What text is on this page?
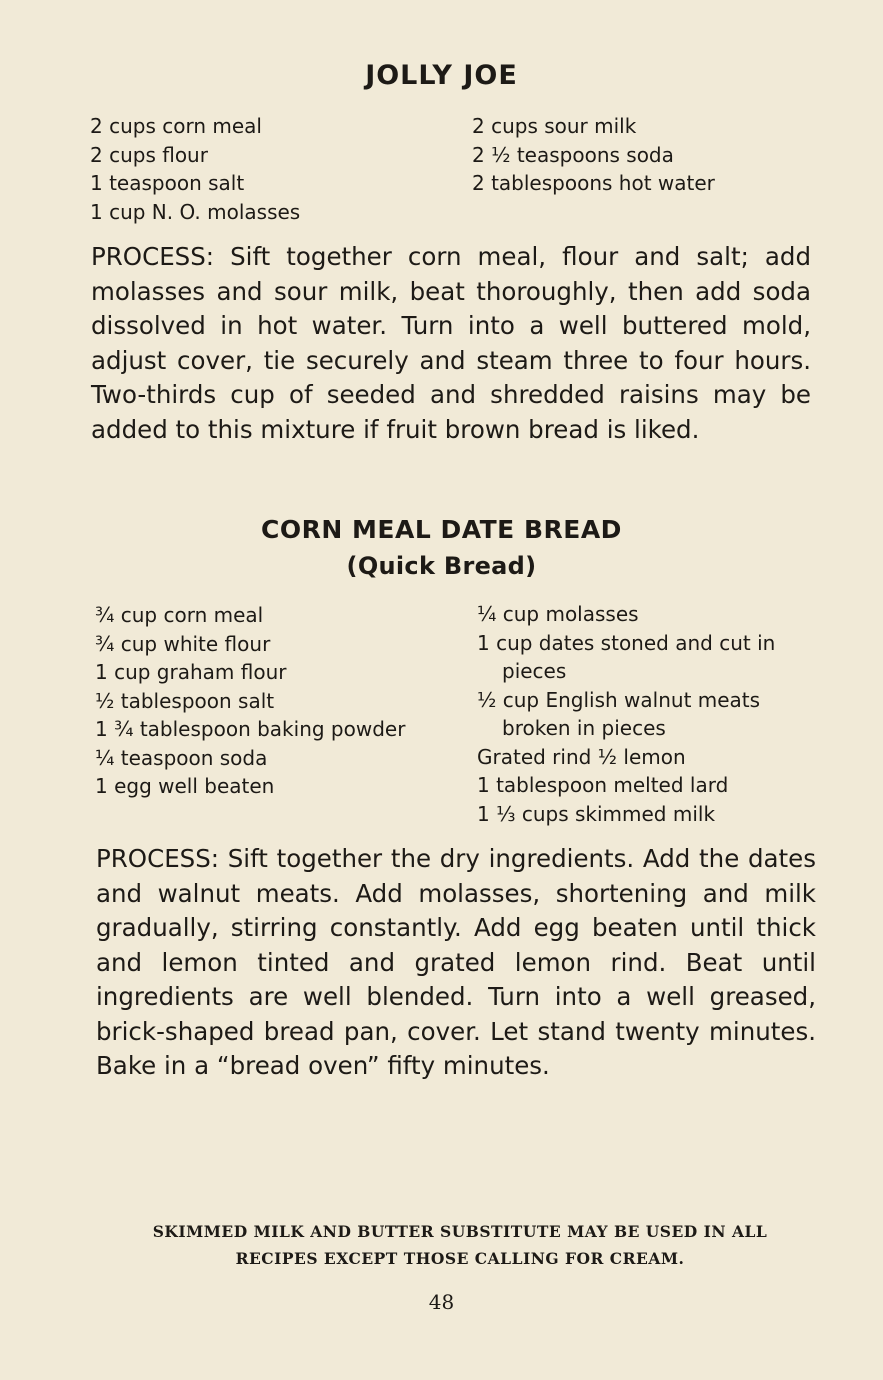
JOLLY JOE
2 cups corn meal
2 cups flour
1 teaspoon salt
1 cup N. O. molasses
2 cups sour milk
2 ½ teaspoons soda
2 tablespoons hot water
PROCESS: Sift together corn meal, flour and salt; add molasses and sour milk, beat thoroughly, then add soda dissolved in hot water. Turn into a well buttered mold, adjust cover, tie securely and steam three to four hours. Two-thirds cup of seeded and shredded raisins may be added to this mixture if fruit brown bread is liked.
CORN MEAL DATE BREAD
(Quick Bread)
¾ cup corn meal
¾ cup white flour
1 cup graham flour
½ tablespoon salt
1 ¾ tablespoon baking powder
¼ teaspoon soda
1 egg well beaten
¼ cup molasses
1 cup dates stoned and cut in
pieces
½ cup English walnut meats
broken in pieces
Grated rind ½ lemon
1 tablespoon melted lard
1 ⅓ cups skimmed milk
PROCESS: Sift together the dry ingredients. Add the dates and walnut meats. Add molasses, shortening and milk gradually, stirring constantly. Add egg beaten until thick and lemon tinted and grated lemon rind. Beat until ingredients are well blended. Turn into a well greased, brick-shaped bread pan, cover. Let stand twenty minutes. Bake in a “bread oven” fifty minutes.
SKIMMED MILK AND BUTTER SUBSTITUTE MAY BE USED IN ALL
RECIPES EXCEPT THOSE CALLING FOR CREAM.
48
